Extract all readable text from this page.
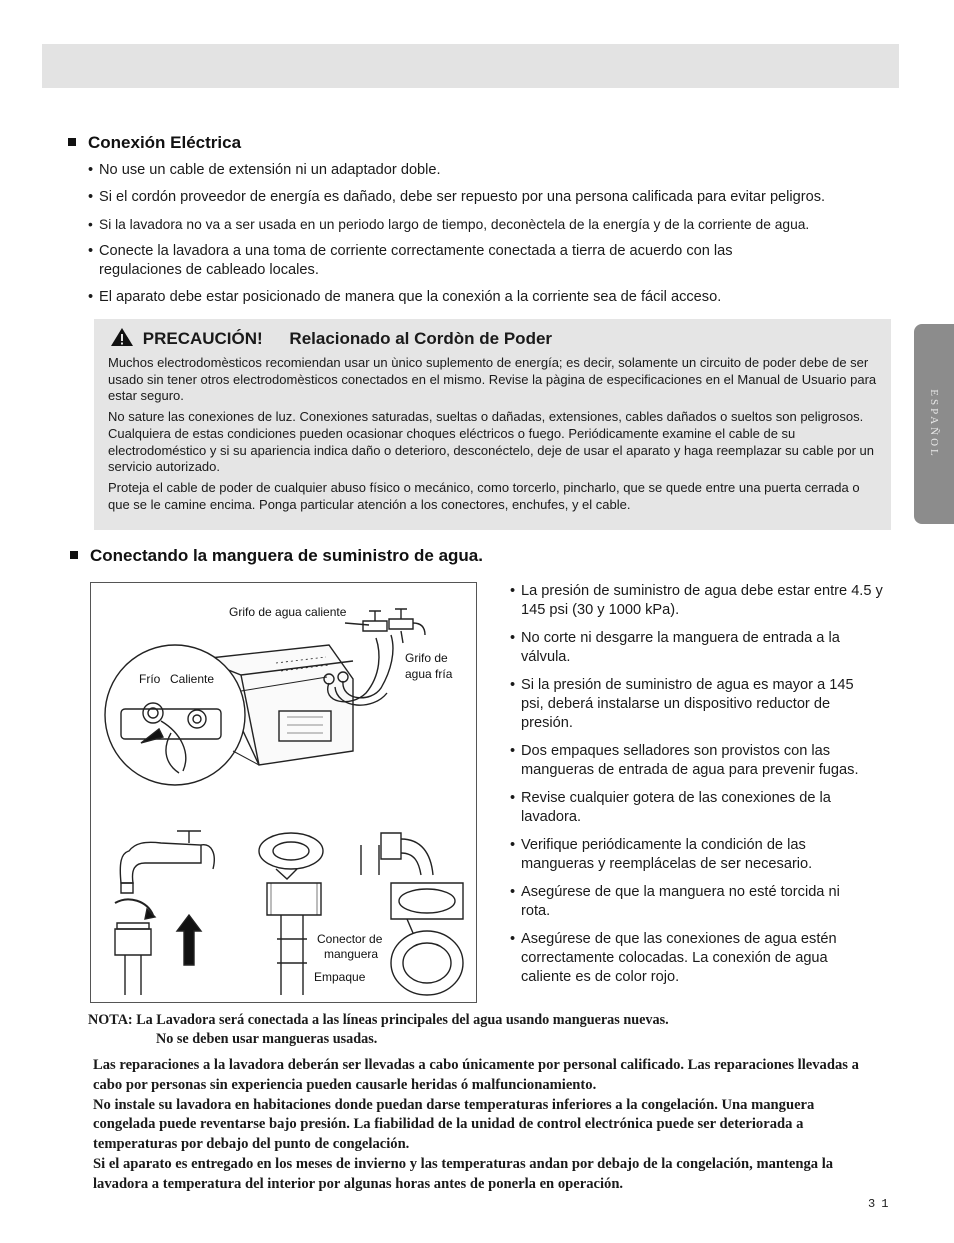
ESPAÑOL
Conexión Eléctrica
• No use un cable de extensión ni un adaptador doble.
• Si el cordón proveedor de energía es dañado, debe ser repuesto por una persona calificada para evitar peligros.
• Si la lavadora no va a ser usada en un periodo largo de tiempo, deconèctela de la energía y de la corriente de agua.
• Conecte la lavadora a una toma de corriente correctamente conectada a tierra de acuerdo con las regulaciones de cableado locales.
• El aparato debe estar posicionado de manera que la conexión a la corriente sea de fácil acceso.
PRECAUCIÓN! Relacionado al Cordòn de Poder

Muchos electrodomèsticos recomiendan usar un ùnico suplemento de energía; es decir, solamente un circuito de poder debe de ser usado sin tener otros electrodomèsticos conectados en el mismo. Revise la pàgina de especificaciones en el Manual de Usuario para estar seguro.

No sature las conexiones de luz. Conexiones saturadas, sueltas o dañadas, extensiones, cables dañados o sueltos son peligrosos. Cualquiera de estas condiciones pueden ocasionar choques eléctricos o fuego. Periódicamente examine el cable de su electrodoméstico y si su apariencia indica daño o deterioro, desconéctelo, deje de usar el aparato y haga reemplazar su cable por un servicio autorizado.

Proteja el cable de poder de cualquier abuso físico o mecánico, como torcerlo, pincharlo, que se quede entre una puerta cerrada o que se le camine encima. Ponga particular atención a los conectores, enchufes, y el cable.

Conectando la manguera de suministro de agua.
Grifo de agua caliente
Grifo de
agua fría
Frío Caliente
Conector de
manguera
Empaque
• La presión de suministro de agua debe estar entre 4.5 y 145 psi (30 y 1000 kPa).
• No corte ni desgarre la manguera de entrada a la válvula.
• Si la presión de suministro de agua es mayor a 145 psi, deberá instalarse un dispositivo reductor de presión.
• Dos empaques selladores son provistos con las mangueras de entrada de agua para prevenir fugas.
• Revise cualquier gotera de las conexiones de la lavadora.
• Verifique periódicamente la condición de las mangueras y reemplácelas de ser necesario.
• Asegúrese de que la manguera no esté torcida ni rota.
• Asegúrese de que las conexiones de agua estén correctamente colocadas. La conexión de agua caliente es de color rojo.
NOTA: La Lavadora será conectada a las líneas principales del agua usando mangueras nuevas.
No se deben usar mangueras usadas.

Las reparaciones a la lavadora deberán ser llevadas a cabo únicamente por personal calificado. Las reparaciones llevadas a cabo por personas sin experiencia pueden causarle heridas ó malfuncionamiento.

No instale su lavadora en habitaciones donde puedan darse temperaturas inferiores a la congelación. Una manguera congelada puede reventarse bajo presión. La fiabilidad de la unidad de control electrónica puede ser deteriorada a temperaturas por debajo del punto de congelación.

Si el aparato es entregado en los meses de invierno y las temperaturas andan por debajo de la congelación, mantenga la lavadora a temperatura del interior por algunas horas antes de ponerla en operación.

31
